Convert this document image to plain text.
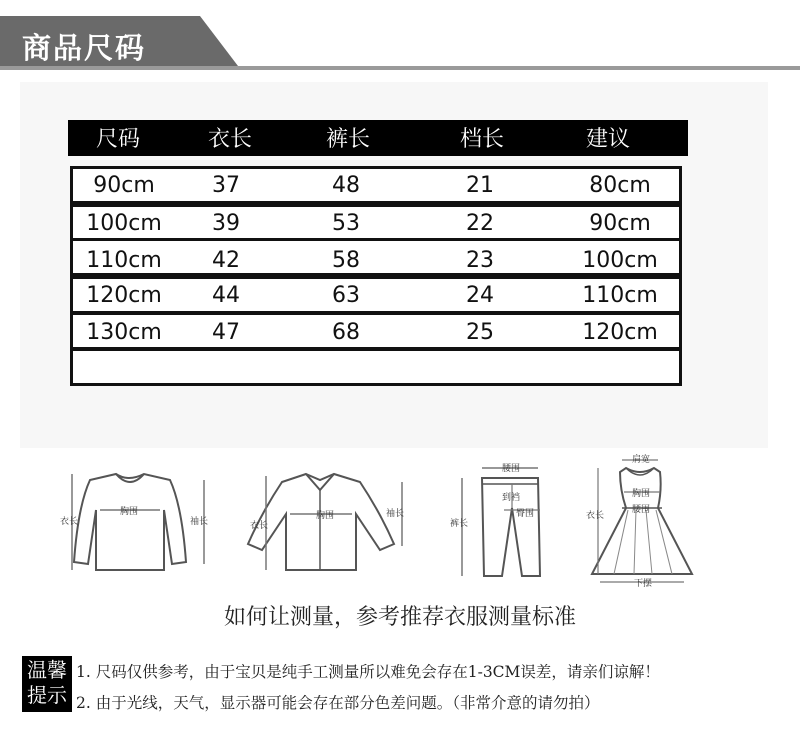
商品尺码
尺码	衣长	裤长	档长	建议
90cm	37	48	21	80cm
100cm	39	53	22	90cm
110cm	42	58	23	100cm
120cm	44	63	24	110cm
130cm	47	68	25	120cm
衣长
胸围
袖长	衣长
胸围	袖长
腰围
裤长
到裆
臀围
肩宽
衣长
胸围
腰围
下摆
如何让测量，参考推荐衣服测量标准
温馨
提示
1. 尺码仅供参考，由于宝贝是纯手工测量所以难免会存在1-3CM误差，请亲们谅解！
2. 由于光线，天气，显示器可能会存在部分色差问题。（非常介意的请勿拍）
